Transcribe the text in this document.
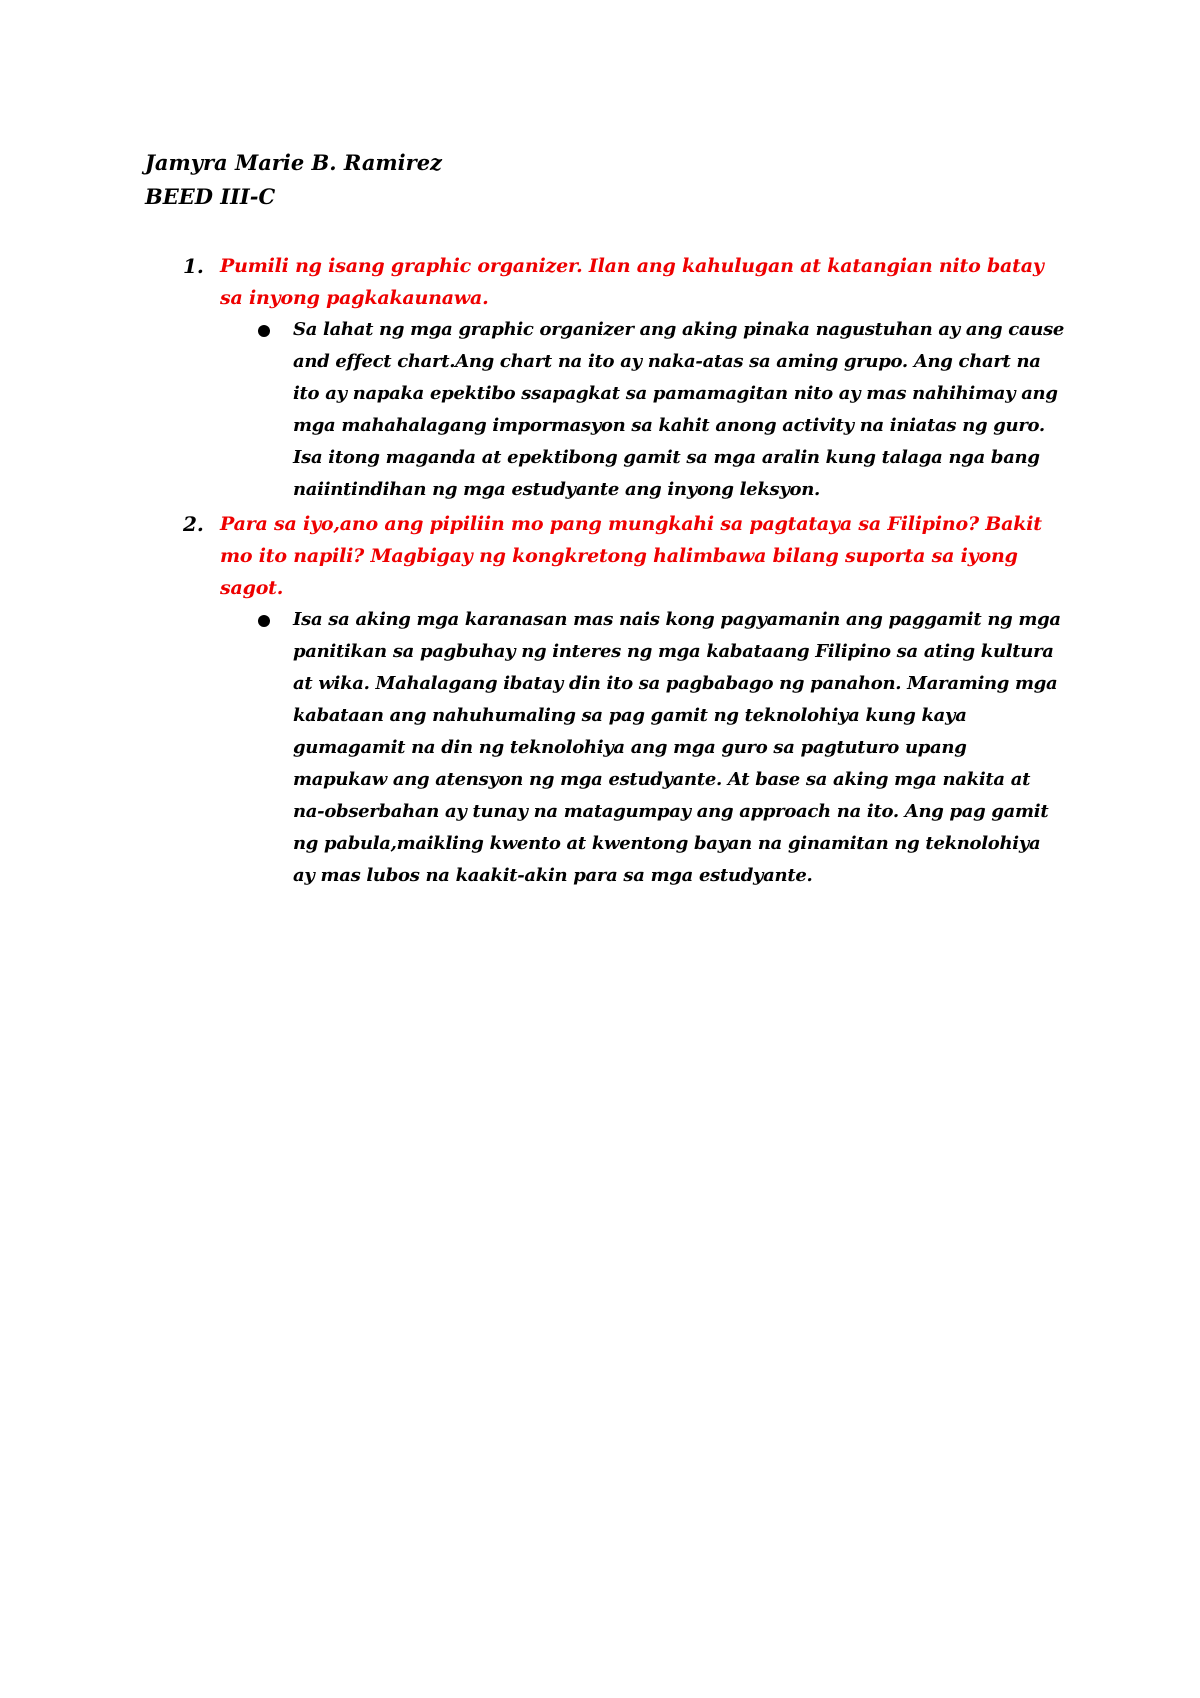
Jamyra Marie B. Ramirez
BEED III-C
1. Pumili ng isang graphic organizer. Ilan ang kahulugan at katangian nito batay sa inyong pagkakaunawa.
Sa lahat ng mga graphic organizer ang aking pinaka nagustuhan ay ang cause and effect chart.Ang chart na ito ay naka-atas sa aming grupo. Ang chart na ito ay napaka epektibo ssapagkat sa pamamagitan nito ay mas nahihimay ang mga mahahalagang impormasyon sa kahit anong activity na iniatas ng guro. Isa itong maganda at epektibong gamit sa mga aralin kung talaga nga bang naiintindihan ng mga estudyante ang inyong leksyon.
2. Para sa iyo,ano ang pipiliin mo pang mungkahi sa pagtataya sa Filipino? Bakit mo ito napili? Magbigay ng kongkretong halimbawa bilang suporta sa iyong sagot.
Isa sa aking mga karanasan mas nais kong pagyamanin ang paggamit ng mga panitikan sa pagbuhay ng interes ng mga kabataang Filipino sa ating kultura at wika. Mahalagang ibatay din ito sa pagbabago ng panahon. Maraming mga kabataan ang nahuhumaling sa pag gamit ng teknolohiya kung kaya gumagamit na din ng teknolohiya ang mga guro sa pagtuturo upang mapukaw ang atensyon ng mga estudyante. At base sa aking mga nakita at na-obserbahan ay tunay na matagumpay ang approach na ito. Ang pag gamit ng pabula,maikling kwento at kwentong bayan na ginamitan ng teknolohiya ay mas lubos na kaakit-akin para sa mga estudyante.
